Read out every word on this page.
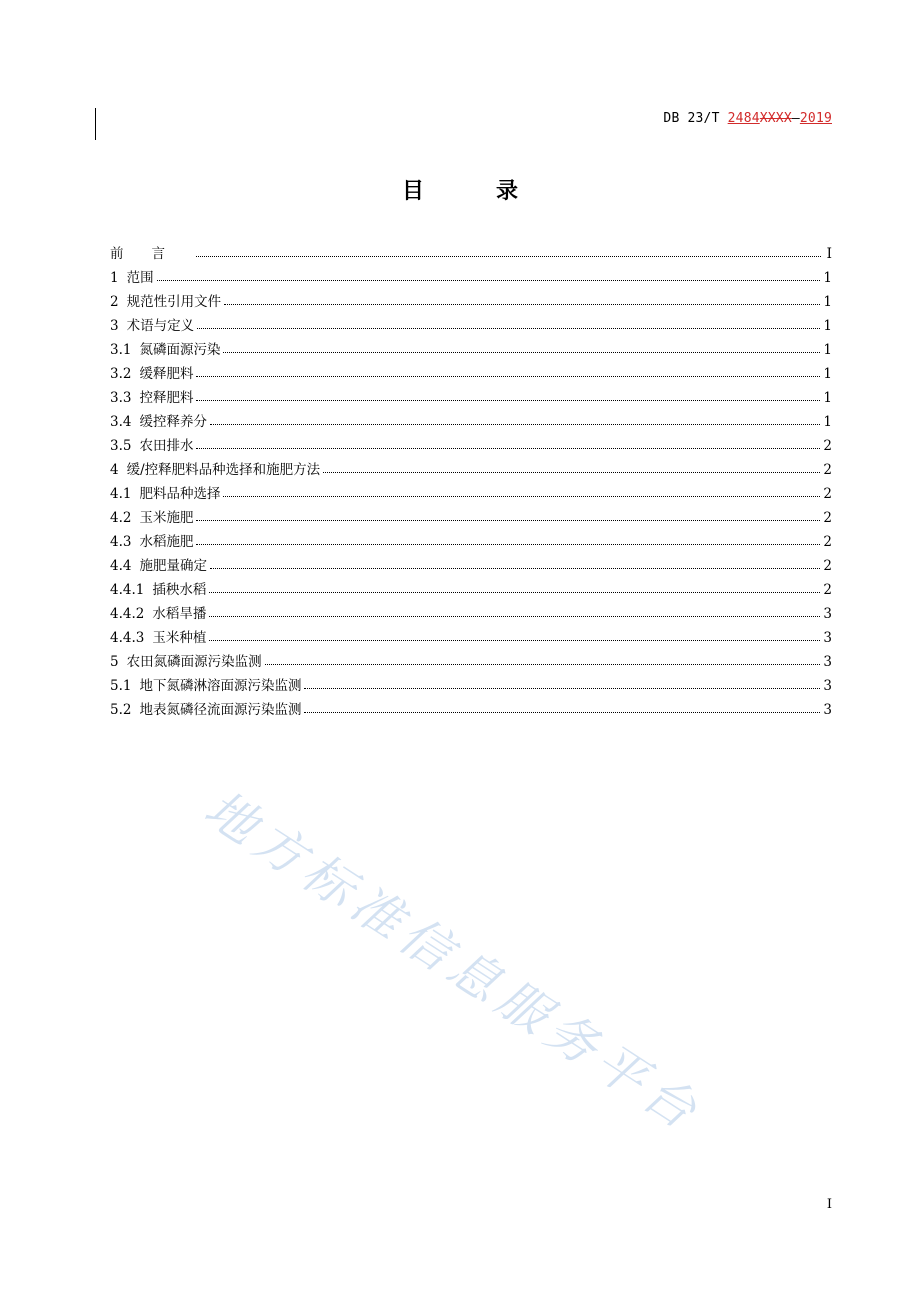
DB 23/T 2484XXXX—2019
目录
前言	I
1 范围	1
2 规范性引用文件	1
3 术语与定义	1
3.1 氮磷面源污染	1
3.2 缓释肥料	1
3.3 控释肥料	1
3.4 缓控释养分	1
3.5 农田排水	2
4 缓/控释肥料品种选择和施肥方法	2
4.1 肥料品种选择	2
4.2 玉米施肥	2
4.3 水稻施肥	2
4.4 施肥量确定	2
4.4.1 插秧水稻	2
4.4.2 水稻旱播	3
4.4.3 玉米种植	3
5 农田氮磷面源污染监测	3
5.1 地下氮磷淋溶面源污染监测	3
5.2 地表氮磷径流面源污染监测	3
地方标准信息服务平台
I
